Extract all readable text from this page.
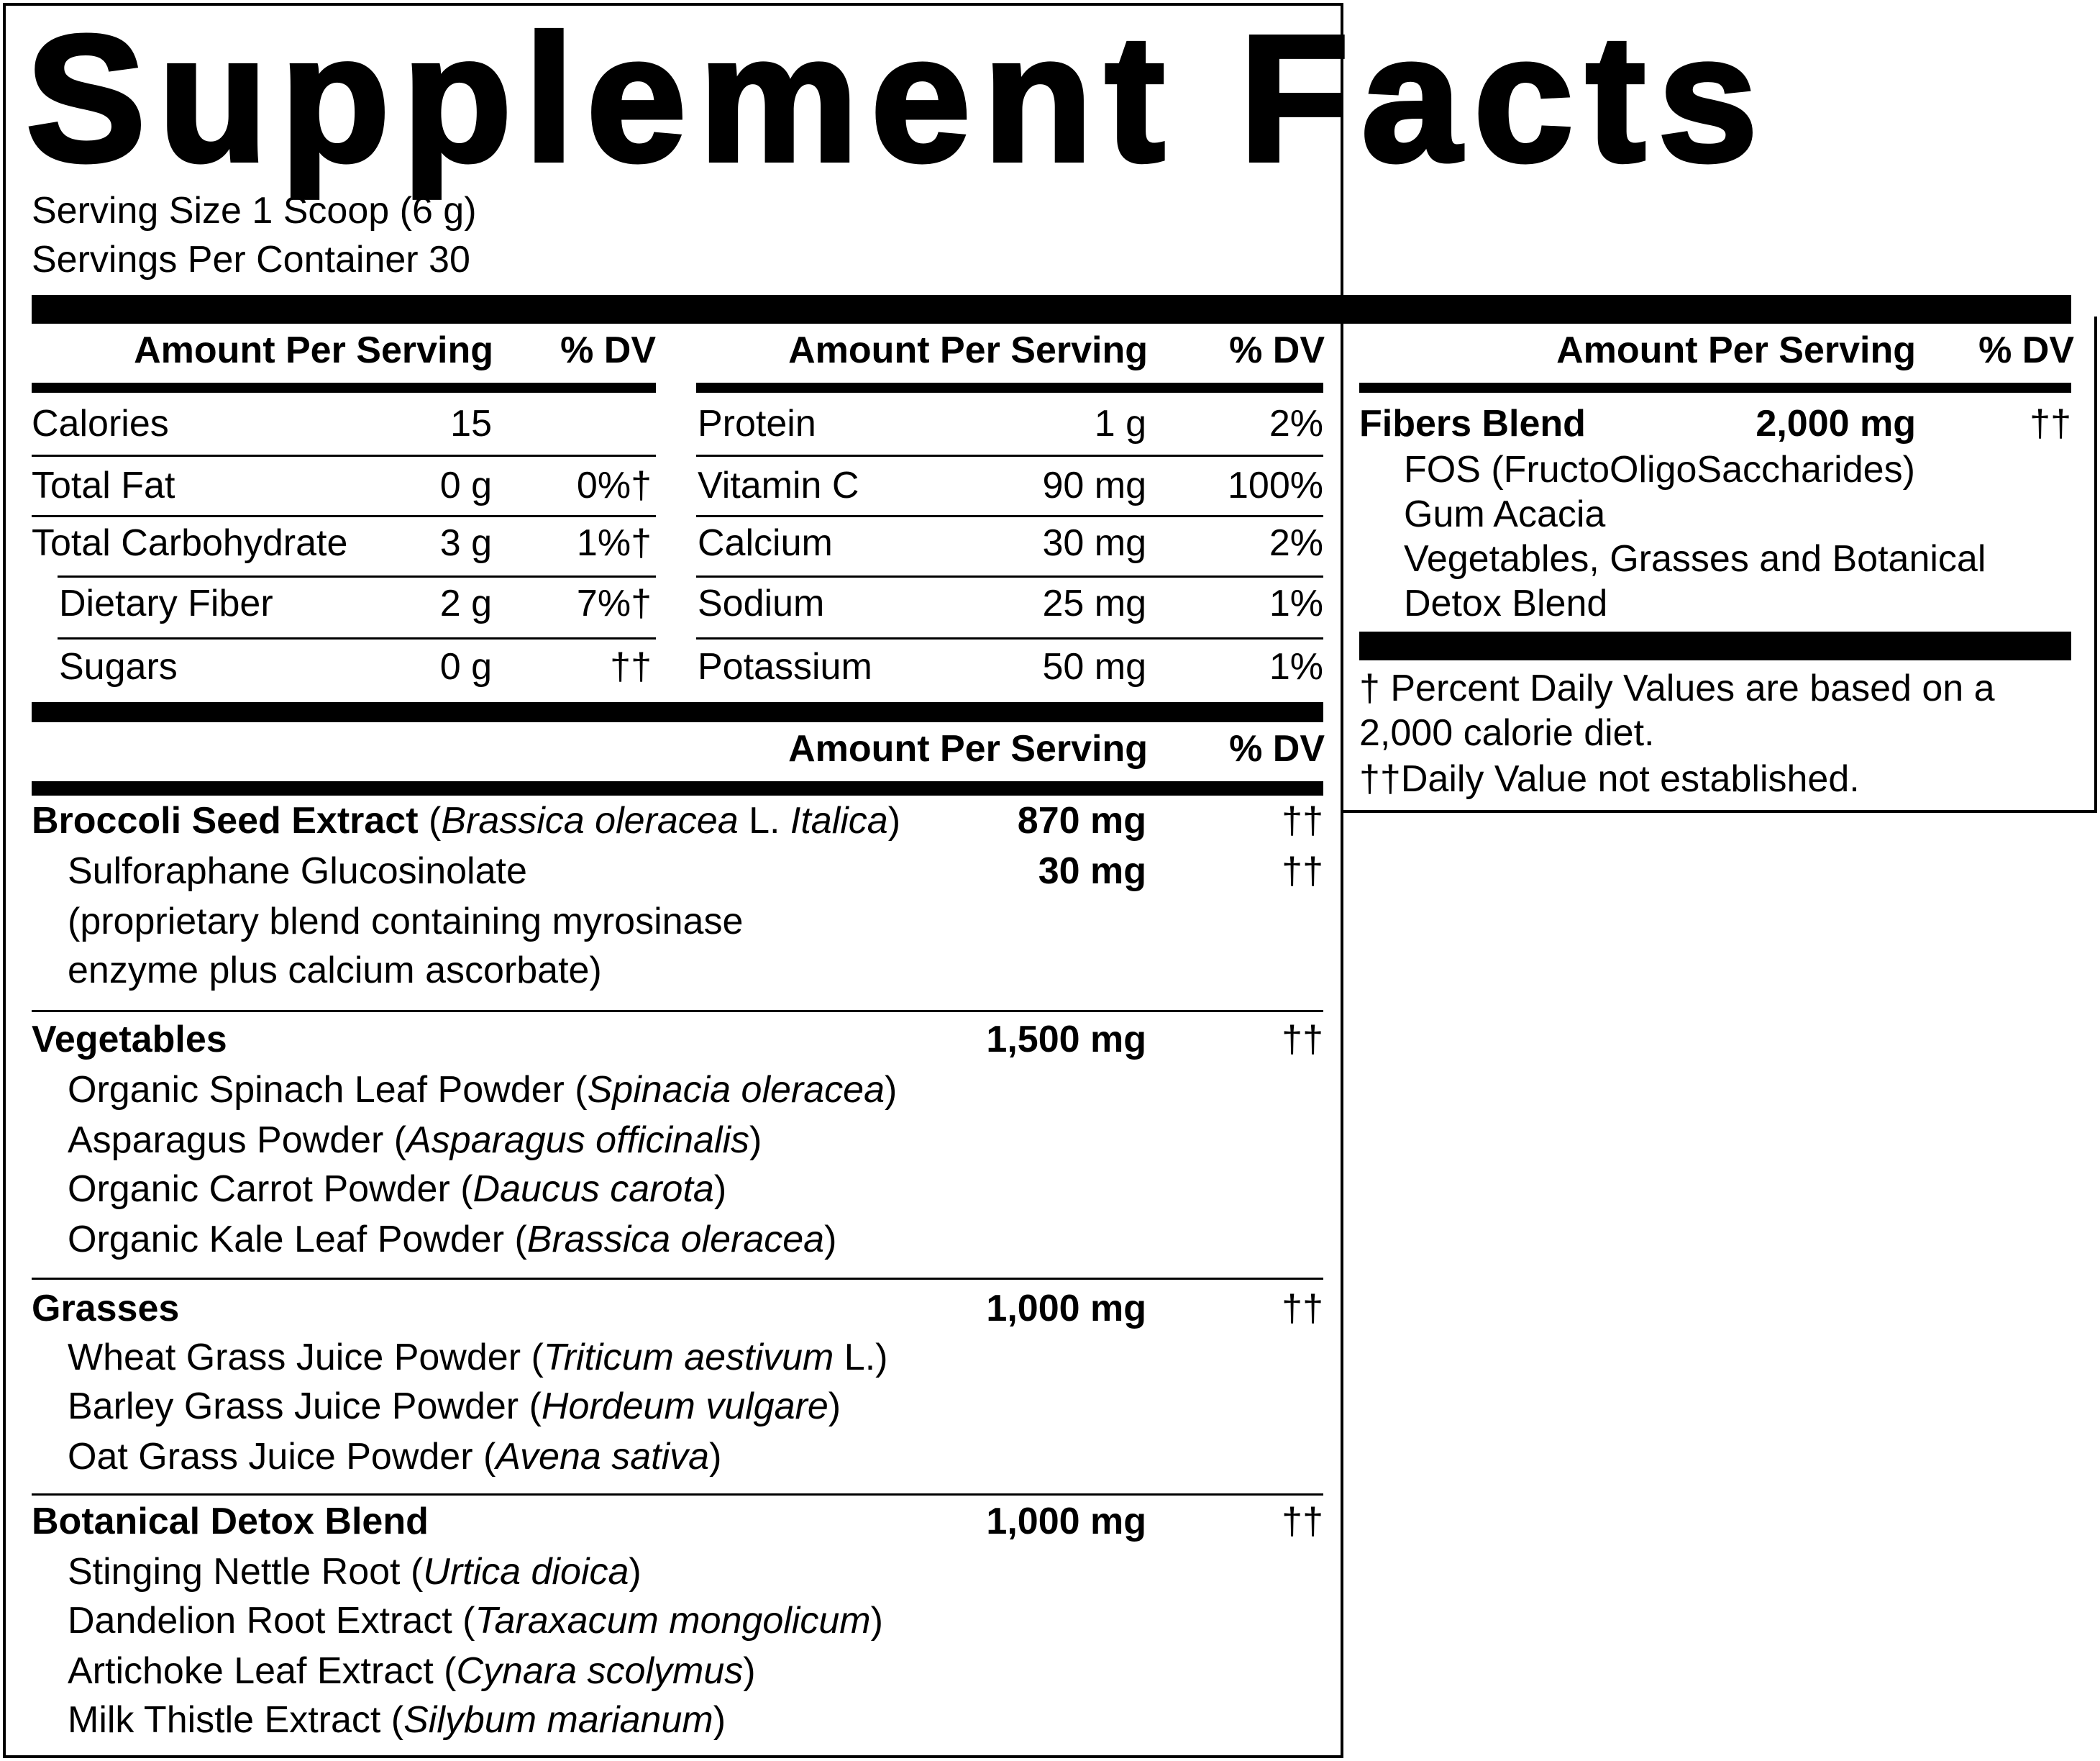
Supplement Facts
Serving Size 1 Scoop (6 g)
Servings Per Container 30
Amount Per Serving	% DV
Calories	15
Total Fat	0 g	0%†
Total Carbohydrate	3 g	1%†
Dietary Fiber	2 g	7%†
Sugars	0 g	††
Amount Per Serving	% DV
Protein	1 g	2%
Vitamin C	90 mg	100%
Calcium	30 mg	2%
Sodium	25 mg	1%
Potassium	50 mg	1%
Amount Per Serving	% DV
Broccoli Seed Extract (Brassica oleracea L. Italica)	870 mg	††
Sulforaphane Glucosinolate	30 mg	††
(proprietary blend containing myrosinase
enzyme plus calcium ascorbate)
Vegetables	1,500 mg	††
Organic Spinach Leaf Powder (Spinacia oleracea)
Asparagus Powder (Asparagus officinalis)
Organic Carrot Powder (Daucus carota)
Organic Kale Leaf Powder (Brassica oleracea)
Grasses	1,000 mg	††
Wheat Grass Juice Powder (Triticum aestivum L.)
Barley Grass Juice Powder (Hordeum vulgare)
Oat Grass Juice Powder (Avena sativa)
Botanical Detox Blend	1,000 mg	††
Stinging Nettle Root (Urtica dioica)
Dandelion Root Extract (Taraxacum mongolicum)
Artichoke Leaf Extract (Cynara scolymus)
Milk Thistle Extract (Silybum marianum)
Amount Per Serving	% DV
Fibers Blend	2,000 mg	††
FOS (FructoOligoSaccharides)
Gum Acacia
Vegetables, Grasses and Botanical
Detox Blend
† Percent Daily Values are based on a
2,000 calorie diet.
††Daily Value not established.
